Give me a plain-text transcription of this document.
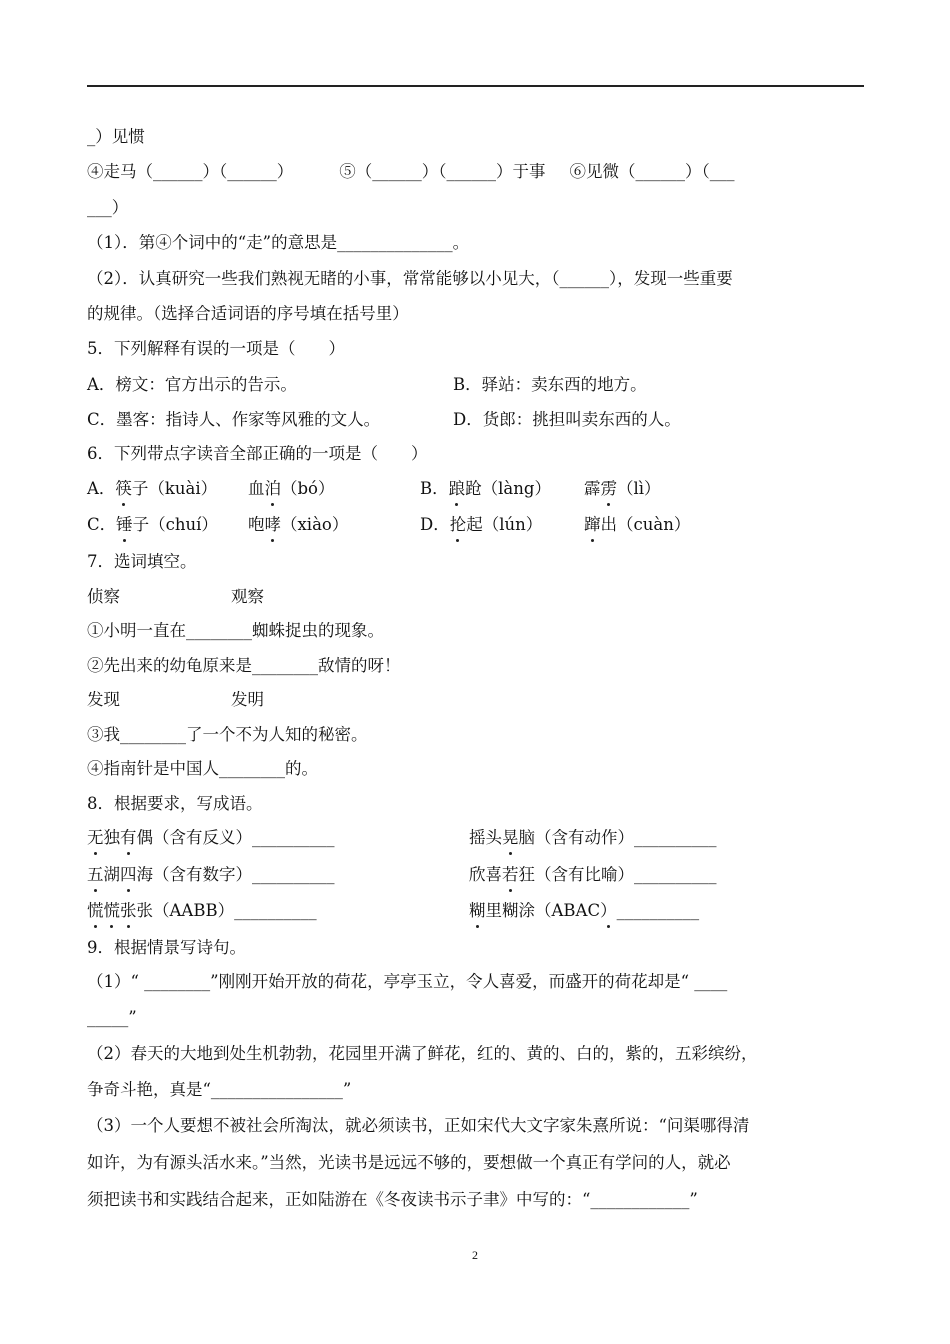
_）见惯
④走马（______）（______）	⑤（______）（______）于事 ⑥见微（______）（___
___）
（1）．第④个词中的“走”的意思是______________。
（2）．认真研究一些我们熟视无睹的小事，常常能够以小见大，（______），发现一些重要
的规律。（选择合适词语的序号填在括号里）
5．下列解释有误的一项是（　　）
A．榜文：官方出示的告示。	B．驿站：卖东西的地方。
C．墨客：指诗人、作家等风雅的文人。	D．货郎：挑担叫卖东西的人。
6．下列带点字读音全部正确的一项是（　　）
A．筷子（kuài） 血泊（bó）	B．踉跄（làng） 霹雳（lì）
C．锤子（chuí） 咆哮（xiào）	D．抡起（lún）	蹿出（cuàn）
7．选词填空。
侦察	观察
①小明一直在________蜘蛛捉虫的现象。
②先出来的幼龟原来是________敌情的呀！
发现	发明
③我________了一个不为人知的秘密。
④指南针是中国人________的。
8．根据要求，写成语。
无独有偶（含有反义）__________	摇头晃脑（含有动作）__________
五湖四海（含有数字）__________	欣喜若狂（含有比喻）__________
慌慌张张（AABB）__________	糊里糊涂（ABAC）__________
9．根据情景写诗句。
（1）“ ________”刚刚开始开放的荷花，亭亭玉立，令人喜爱，而盛开的荷花却是“ ____
_____”
（2）春天的大地到处生机勃勃，花园里开满了鲜花，红的、黄的、白的，紫的，五彩缤纷，
争奇斗艳，真是“________________”
（3）一个人要想不被社会所淘汰，就必须读书，正如宋代大文字家朱熹所说：“问渠哪得清
如许，为有源头活水来。”当然，光读书是远远不够的，要想做一个真正有学问的人，就必
须把读书和实践结合起来，正如陆游在《冬夜读书示子聿》中写的：“____________”
2
